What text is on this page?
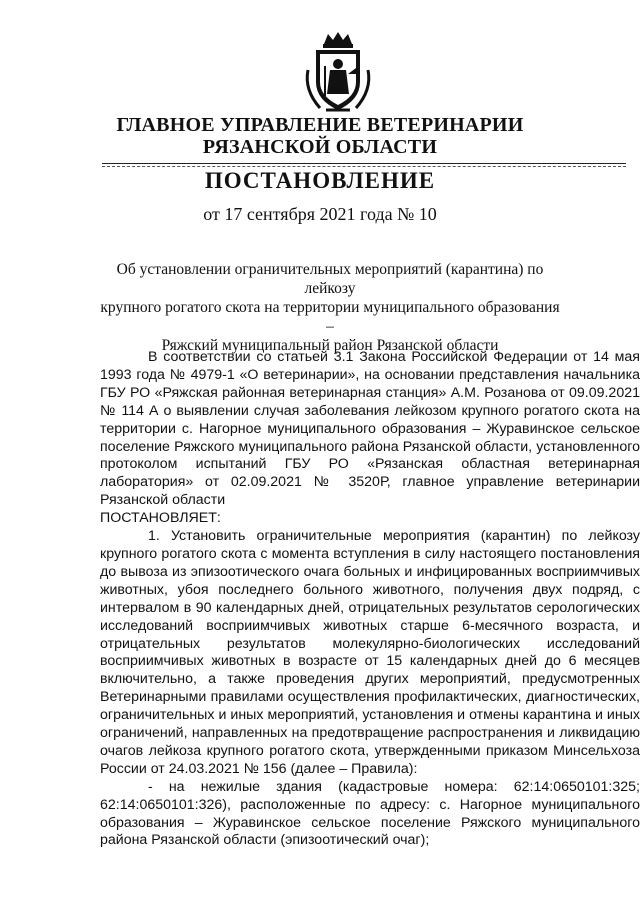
ГЛАВНОЕ УПРАВЛЕНИЕ ВЕТЕРИНАРИИ
РЯЗАНСКОЙ ОБЛАСТИ
ПОСТАНОВЛЕНИЕ
от 17 сентября 2021 года № 10
Об установлении ограничительных мероприятий (карантина) по лейкозу
крупного рогатого скота на территории муниципального образования –
Ряжский муниципальный район Рязанской области

В соответствии со статьей 3.1 Закона Российской Федерации от 14 мая 1993 года № 4979-1 «О ветеринарии», на основании представления начальника ГБУ РО «Ряжская районная ветеринарная станция» А.М. Розанова от 09.09.2021 № 114 А о выявлении случая заболевания лейкозом крупного рогатого скота на территории с. Нагорное муниципального образования – Журавинское сельское поселение Ряжского муниципального района Рязанской области, установленного протоколом испытаний ГБУ РО «Рязанская областная ветеринарная лаборатория» от 02.09.2021 № 3520Р, главное управление ветеринарии Рязанской области

ПОСТАНОВЛЯЕТ:

1. Установить ограничительные мероприятия (карантин) по лейкозу крупного рогатого скота с момента вступления в силу настоящего постановления до вывоза из эпизоотического очага больных и инфицированных восприимчивых животных, убоя последнего больного животного, получения двух подряд, с интервалом в 90 календарных дней, отрицательных результатов серологических исследований восприимчивых животных старше 6-месячного возраста, и отрицательных результатов молекулярно-биологических исследований восприимчивых животных в возрасте от 15 календарных дней до 6 месяцев включительно, а также проведения других мероприятий, предусмотренных Ветеринарными правилами осуществления профилактических, диагностических, ограничительных и иных мероприятий, установления и отмены карантина и иных ограничений, направленных на предотвращение распространения и ликвидацию очагов лейкоза крупного рогатого скота, утвержденными приказом Минсельхоза России от 24.03.2021 № 156 (далее – Правила):

- на нежилые здания (кадастровые номера: 62:14:0650101:325; 62:14:0650101:326), расположенные по адресу: с. Нагорное муниципального образования – Журавинское сельское поселение Ряжского муниципального района Рязанской области (эпизоотический очаг);
